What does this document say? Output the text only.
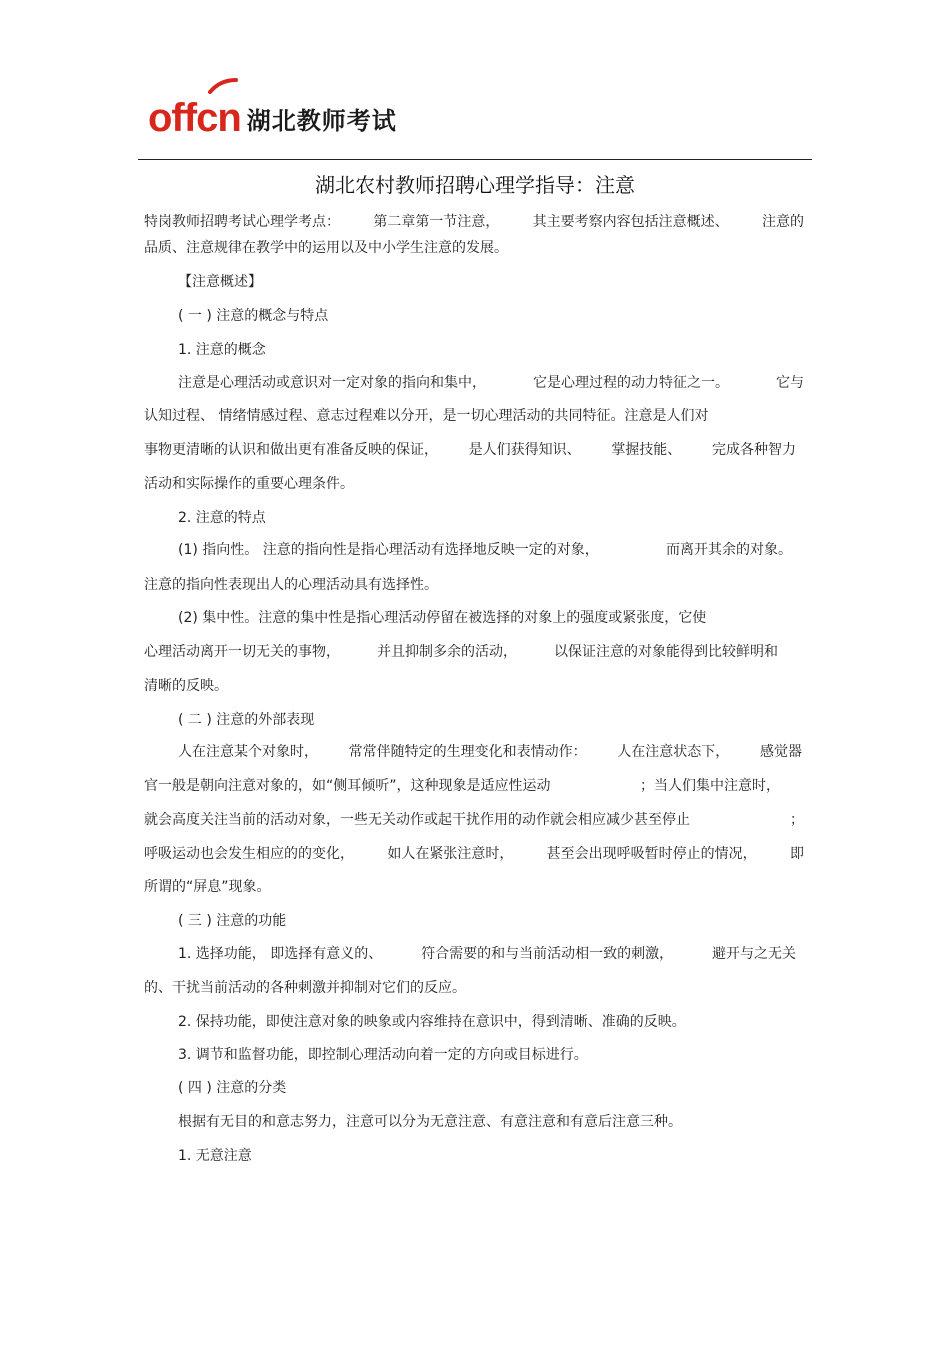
offcn 湖北教师考试
湖北农村教师招聘心理学指导：注意
特岗教师招聘考试心理学考点： 第二章第一节注意， 其主要考察内容包括注意概述、 注意的
品质、注意规律在教学中的运用以及中小学生注意的发展。
【注意概述】
( 一 ) 注意的概念与特点
1. 注意的概念
注意是心理活动或意识对一定对象的指向和集中，	它是心理过程的动力特征之一。	它与
认知过程、 情绪情感过程、意志过程难以分开，是一切心理活动的共同特征。注意是人们对
事物更清晰的认识和做出更有准备反映的保证， 是人们获得知识、 掌握技能、 完成各种智力
活动和实际操作的重要心理条件。
2. 注意的特点
(1) 指向性。 注意的指向性是指心理活动有选择地反映一定的对象，	而离开其余的对象。
注意的指向性表现出人的心理活动具有选择性。
(2) 集中性。注意的集中性是指心理活动停留在被选择的对象上的强度或紧张度，它使
心理活动离开一切无关的事物，	并且抑制多余的活动，	以保证注意的对象能得到比较鲜明和
清晰的反映。
( 二 ) 注意的外部表现
人在注意某个对象时， 常常伴随特定的生理变化和表情动作： 人在注意状态下， 感觉器
官一般是朝向注意对象的，如“侧耳倾听”，这种现象是适应性运动	；当人们集中注意时，
就会高度关注当前的活动对象，一些无关动作或起干扰作用的动作就会相应减少甚至停止	；
呼吸运动也会发生相应的的变化， 如人在紧张注意时， 甚至会出现呼吸暂时停止的情况， 即
所谓的“屏息”现象。
( 三 ) 注意的功能
1. 选择功能， 即选择有意义的、	符合需要的和与当前活动相一致的刺激，	避开与之无关
的、干扰当前活动的各种刺激并抑制对它们的反应。
2. 保持功能，即使注意对象的映象或内容维持在意识中，得到清晰、准确的反映。
3. 调节和监督功能，即控制心理活动向着一定的方向或目标进行。
( 四 ) 注意的分类
根据有无目的和意志努力，注意可以分为无意注意、有意注意和有意后注意三种。
1. 无意注意
